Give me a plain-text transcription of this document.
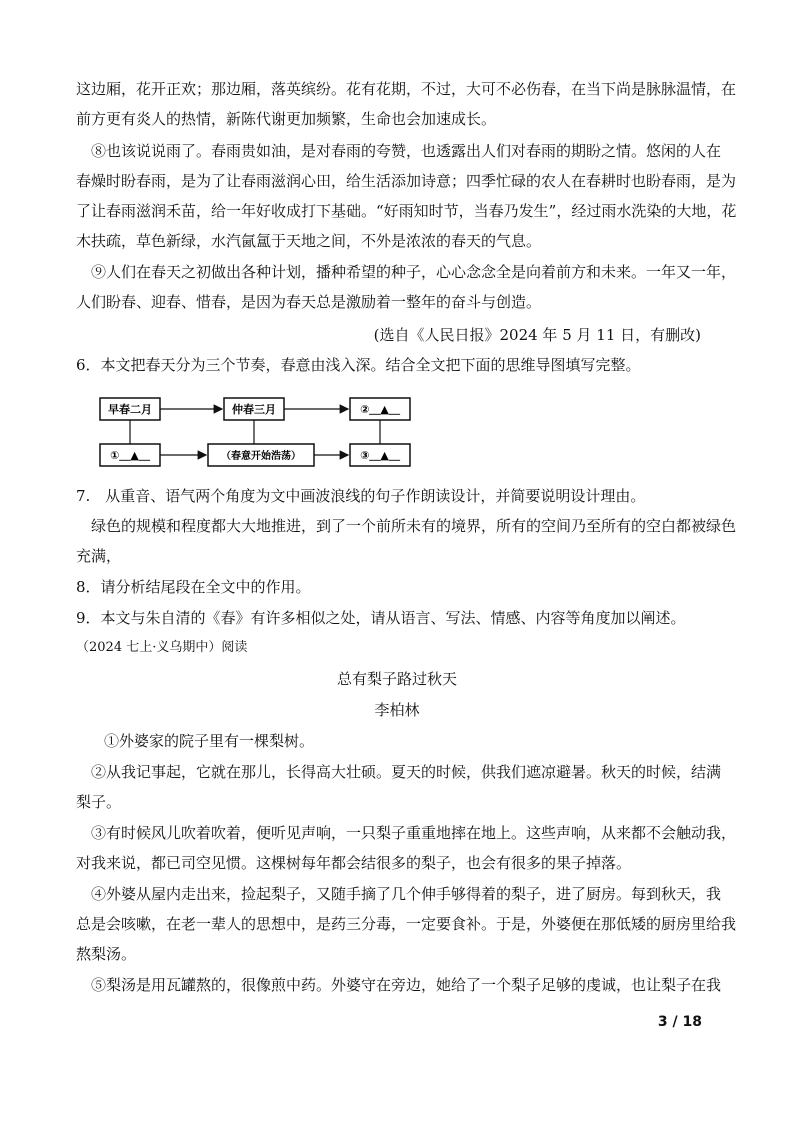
这边厢，花开正欢；那边厢，落英缤纷。花有花期，不过，大可不必伤春，在当下尚是脉脉温情，在
前方更有炎人的热情，新陈代谢更加频繁，生命也会加速成长。
⑧也该说说雨了。春雨贵如油，是对春雨的夸赞，也透露出人们对春雨的期盼之情。悠闲的人在
春燥时盼春雨，是为了让春雨滋润心田，给生活添加诗意；四季忙碌的农人在春耕时也盼春雨，是为
了让春雨滋润禾苗，给一年好收成打下基础。“好雨知时节，当春乃发生”，经过雨水洗染的大地，花
木扶疏，草色新绿，水汽氤氲于天地之间，不外是浓浓的春天的气息。
⑨人们在春天之初做出各种计划，播种希望的种子，心心念念全是向着前方和未来。一年又一年，
人们盼春、迎春、惜春，是因为春天总是激励着一整年的奋斗与创造。
(选自《人民日报》2024 年 5 月 11 日，有删改)
6．本文把春天分为三个节奏，春意由浅入深。结合全文把下面的思维导图填写完整。
早春二月	仲春三月	②＿▲＿
①＿▲＿	（春意开始浩荡）	③＿▲＿
7.　从重音、语气两个角度为文中画波浪线的句子作朗读设计，并简要说明设计理由。
绿色的规模和程度都大大地推进，到了一个前所未有的境界，所有的空间乃至所有的空白都被绿色
充满，
8．请分析结尾段在全文中的作用。
9．本文与朱自清的《春》有许多相似之处，请从语言、写法、情感、内容等角度加以阐述。
（2024 七上·义乌期中）阅读
总有梨子路过秋天
李柏林
①外婆家的院子里有一棵梨树。
②从我记事起，它就在那儿，长得高大壮硕。夏天的时候，供我们遮凉避暑。秋天的时候，结满
梨子。
③有时候风儿吹着吹着，便听见声响，一只梨子重重地摔在地上。这些声响，从来都不会触动我，
对我来说，都已司空见惯。这棵树每年都会结很多的梨子，也会有很多的果子掉落。
④外婆从屋内走出来，捡起梨子，又随手摘了几个伸手够得着的梨子，进了厨房。每到秋天，我
总是会咳嗽，在老一辈人的思想中，是药三分毒，一定要食补。于是，外婆便在那低矮的厨房里给我
熬梨汤。
⑤梨汤是用瓦罐熬的，很像煎中药。外婆守在旁边，她给了一个梨子足够的虔诚，也让梨子在我
3 / 18
